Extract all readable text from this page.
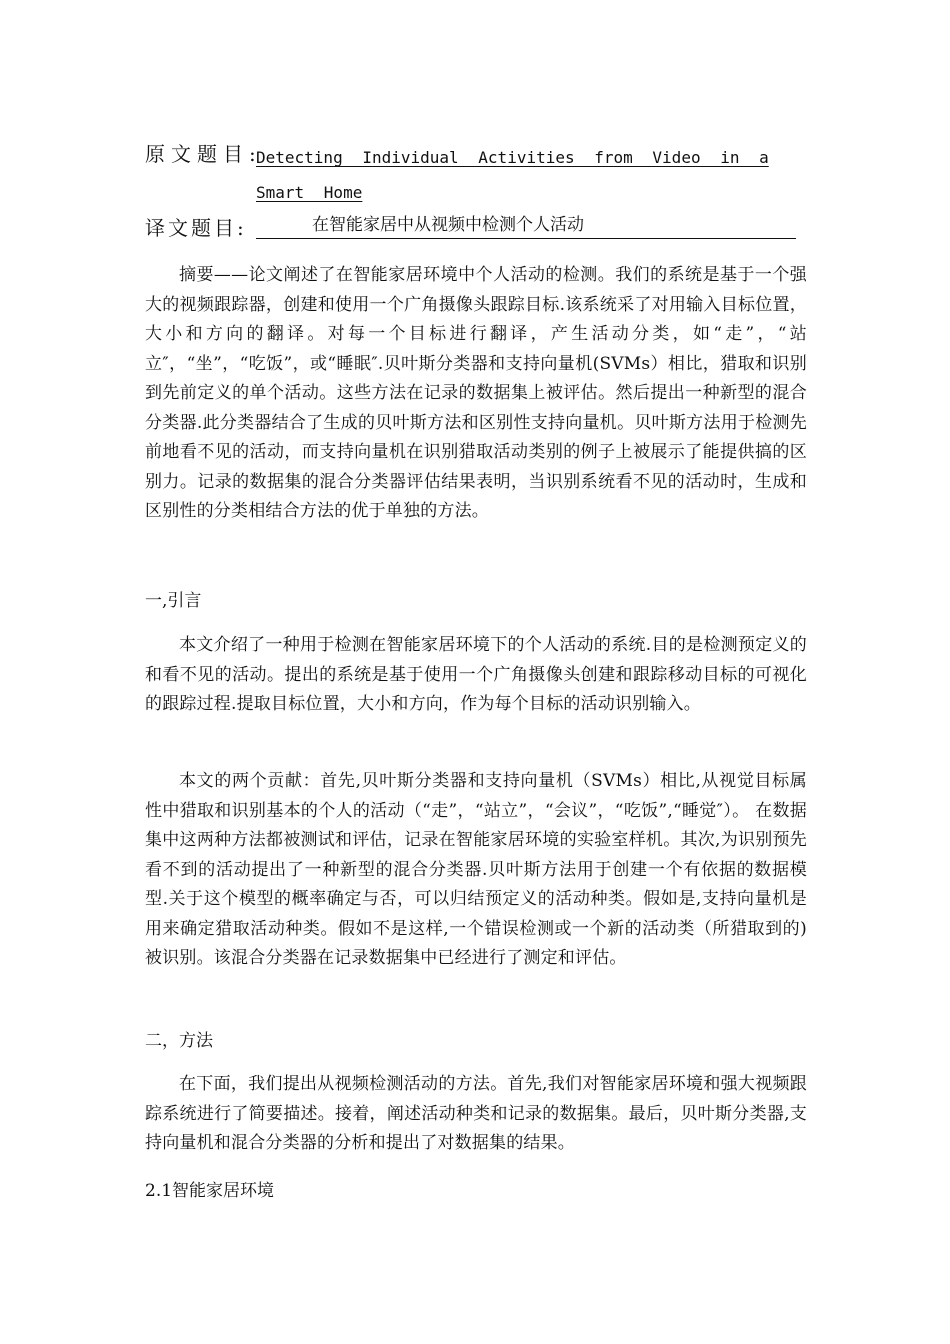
原文题目:
Detecting Individual Activities from Video in a Smart Home
译文题目:	在智能家居中从视频中检测个人活动
摘要——论文阐述了在智能家居环境中个人活动的检测。我们的系统是基于一个强大的视频跟踪器，创建和使用一个广角摄像头跟踪目标.该系统采了对用输入目标位置，大小和方向的翻译。对每一个目标进行翻译，产生活动分类，如“走”，“站立″，“坐”，“吃饭”，或“睡眠″.贝叶斯分类器和支持向量机(SVMs）相比，猎取和识别到先前定义的单个活动。这些方法在记录的数据集上被评估。然后提出一种新型的混合分类器.此分类器结合了生成的贝叶斯方法和区别性支持向量机。贝叶斯方法用于检测先前地看不见的活动，而支持向量机在识别猎取活动类别的例子上被展示了能提供搞的区别力。记录的数据集的混合分类器评估结果表明，当识别系统看不见的活动时，生成和区别性的分类相结合方法的优于单独的方法。
一,引言
本文介绍了一种用于检测在智能家居环境下的个人活动的系统.目的是检测预定义的和看不见的活动。提出的系统是基于使用一个广角摄像头创建和跟踪移动目标的可视化的跟踪过程.提取目标位置，大小和方向，作为每个目标的活动识别输入。
本文的两个贡献：首先,贝叶斯分类器和支持向量机（SVMs）相比,从视觉目标属性中猎取和识别基本的个人的活动（“走”，“站立”，“会议”，“吃饭”,“睡觉″）。 在数据集中这两种方法都被测试和评估，记录在智能家居环境的实验室样机。其次,为识别预先看不到的活动提出了一种新型的混合分类器.贝叶斯方法用于创建一个有依据的数据模型.关于这个模型的概率确定与否，可以归结预定义的活动种类。假如是,支持向量机是用来确定猎取活动种类。假如不是这样,一个错误检测或一个新的活动类（所猎取到的)被识别。该混合分类器在记录数据集中已经进行了测定和评估。
二，方法
在下面，我们提出从视频检测活动的方法。首先,我们对智能家居环境和强大视频跟踪系统进行了简要描述。接着，阐述活动种类和记录的数据集。最后，贝叶斯分类器,支持向量机和混合分类器的分析和提出了对数据集的结果。
2.1智能家居环境
